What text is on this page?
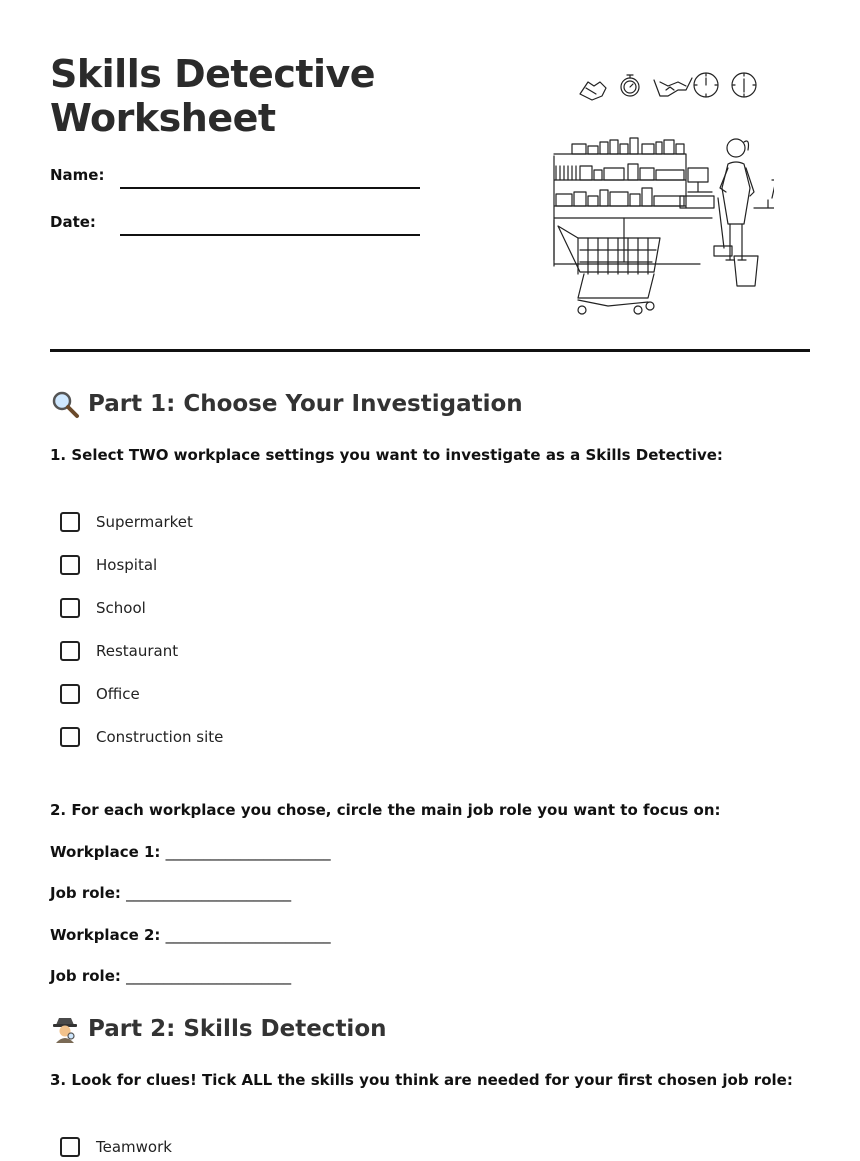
Skills Detective
Worksheet
Name:
Date:
Part 1: Choose Your Investigation

1. Select TWO workplace settings you want to investigate as a Skills Detective:

Supermarket
Hospital
School
Restaurant
Office
Construction site

2. For each workplace you chose, circle the main job role you want to focus on:

Workplace 1: ______________________
Job role: ______________________
Workplace 2: ______________________
Job role: ______________________
Part 2: Skills Detection

3. Look for clues! Tick ALL the skills you think are needed for your first chosen job role:

Teamwork
